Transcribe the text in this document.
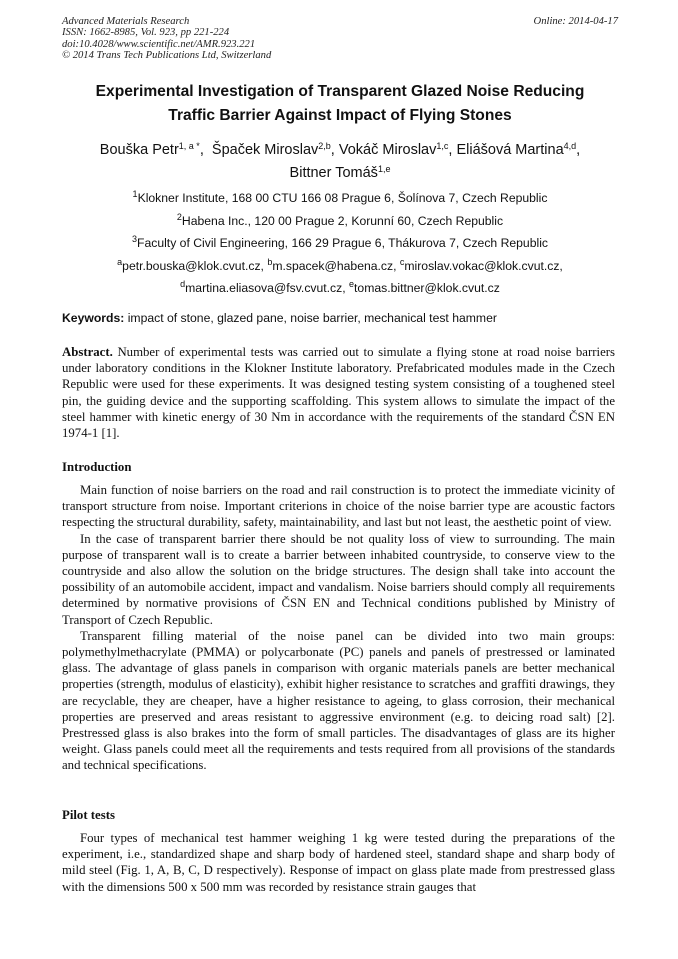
Advanced Materials Research
ISSN: 1662-8985, Vol. 923, pp 221-224
doi:10.4028/www.scientific.net/AMR.923.221
© 2014 Trans Tech Publications Ltd, Switzerland
Online: 2014-04-17
Experimental Investigation of Transparent Glazed Noise Reducing
Traffic Barrier Against Impact of Flying Stones
Bouška Petr$^{1, a *}$,  Špaček Miroslav$^{2,b}$, Vokáč Miroslav$^{1,c}$, Eliášová Martina$^{4,d}$,
Bittner Tomáš$^{1,e}$
$^1$Klokner Institute, 168 00 CTU 166 08 Prague 6, Šolínova 7, Czech Republic
$^2$Habena Inc., 120 00 Prague 2, Korunní 60, Czech Republic
$^3$Faculty of Civil Engineering, 166 29 Prague 6, Thákurova 7, Czech Republic
$^a$petr.bouska@klok.cvut.cz, $^b$m.spacek@habena.cz, $^c$miroslav.vokac@klok.cvut.cz,
$^d$martina.eliasova@fsv.cvut.cz, $^e$tomas.bittner@klok.cvut.cz
Keywords: impact of stone, glazed pane, noise barrier, mechanical test hammer

Abstract. Number of experimental tests was carried out to simulate a flying stone at road noise barriers under laboratory conditions in the Klokner Institute laboratory. Prefabricated modules made in the Czech Republic were used for these experiments. It was designed testing system consisting of a toughened steel pin, the guiding device and the supporting scaffolding. This system allows to simulate the impact of the steel hammer with kinetic energy of 30 Nm in accordance with the requirements of the standard ČSN EN 1974-1 [1].

Introduction

Main function of noise barriers on the road and rail construction is to protect the immediate vicinity of transport structure from noise. Important criterions in choice of the noise barrier type are acoustic factors respecting the structural durability, safety, maintainability, and last but not least, the aesthetic point of view.

In the case of transparent barrier there should be not quality loss of view to surrounding. The main purpose of transparent wall is to create a barrier between inhabited countryside, to conserve view to the countryside and also allow the solution on the bridge structures. The design shall take into account the possibility of an automobile accident, impact and vandalism. Noise barriers should comply all requirements determined by normative provisions of ČSN EN and Technical conditions published by Ministry of Transport of Czech Republic.

Transparent filling material of the noise panel can be divided into two main groups: polymethylmethacrylate (PMMA) or polycarbonate (PC) panels and panels of prestressed or laminated glass. The advantage of glass panels in comparison with organic materials panels are better mechanical properties (strength, modulus of elasticity), exhibit higher resistance to scratches and graffiti drawings, they are recyclable, they are cheaper, have a higher resistance to ageing, to glass corrosion, their mechanical properties are preserved and areas resistant to aggressive environment (e.g. to deicing road salt) [2]. Prestressed glass is also brakes into the form of small particles. The disadvantages of glass are its higher weight. Glass panels could meet all the requirements and tests required from all provisions of the standards and technical specifications.

Pilot tests

Four types of mechanical test hammer weighing 1 kg were tested during the preparations of the experiment, i.e., standardized shape and sharp body of hardened steel, standard shape and sharp body of mild steel (Fig. 1, A, B, C, D respectively). Response of impact on glass plate made from prestressed glass with the dimensions 500 x 500 mm was recorded by resistance strain gauges that
